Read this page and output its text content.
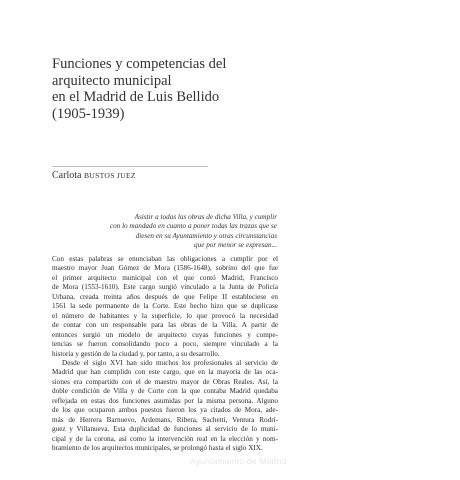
Funciones y competencias del
arquitecto municipal
en el Madrid de Luis Bellido
(1905-1939)
Carlota BUSTOS JUEZ
Asistir a todas las obras de dicha Villa, y cumplir
con lo mandado en cuanto a poner todas las trazas que se
diesen en su Ayuntamiento y otras circunstancias
que por menor se expresan...
Con estas palabras se enunciaban las obligaciones a cumplir por el
maestro mayor Juan Gómez de Mora (1586-1648), sobrino del que fue
el primer arquitecto municipal con el que contó Madrid, Francisco
de Mora (1553-1610). Este cargo surgió vinculado a la Junta de Policía
Urbana, creada treinta años después de que Felipe II estableciese en
1561 la sede permanente de la Corte. Este hecho hizo que se duplicase
el número de habitantes y la superficie, lo que provocó la necesidad
de contar con un responsable para las obras de la Villa. A partir de
entonces surgió un modelo de arquitecto cuyas funciones y compe-
tencias se fueron consolidando poco a poco, siempre vinculado a la
historia y gestión de la ciudad y, por tanto, a su desarrollo.
Desde el siglo XVI han sido muchos los profesionales al servicio de
Madrid que han cumplido con este cargo, que en la mayoría de las oca-
siones era compartido con el de maestro mayor de Obras Reales. Así, la
doble condición de Villa y de Corte con la que contaba Madrid quedaba
reflejada en estas dos funciones asumidas por la misma persona. Alguno
de los que ocuparon ambos puestos fueron los ya citados de Mora, ade-
más de Herrera Barnuevo, Ardemans, Ribera, Sachetti, Ventura Rodrí-
guez y Villanueva. Esta duplicidad de funciones al servicio de lo muni-
cipal y de la corona, así como la intervención real en la elección y nom-
bramiento de los arquitectos municipales, se prolongó hasta el siglo XIX.
Ayuntamiento de Madrid
